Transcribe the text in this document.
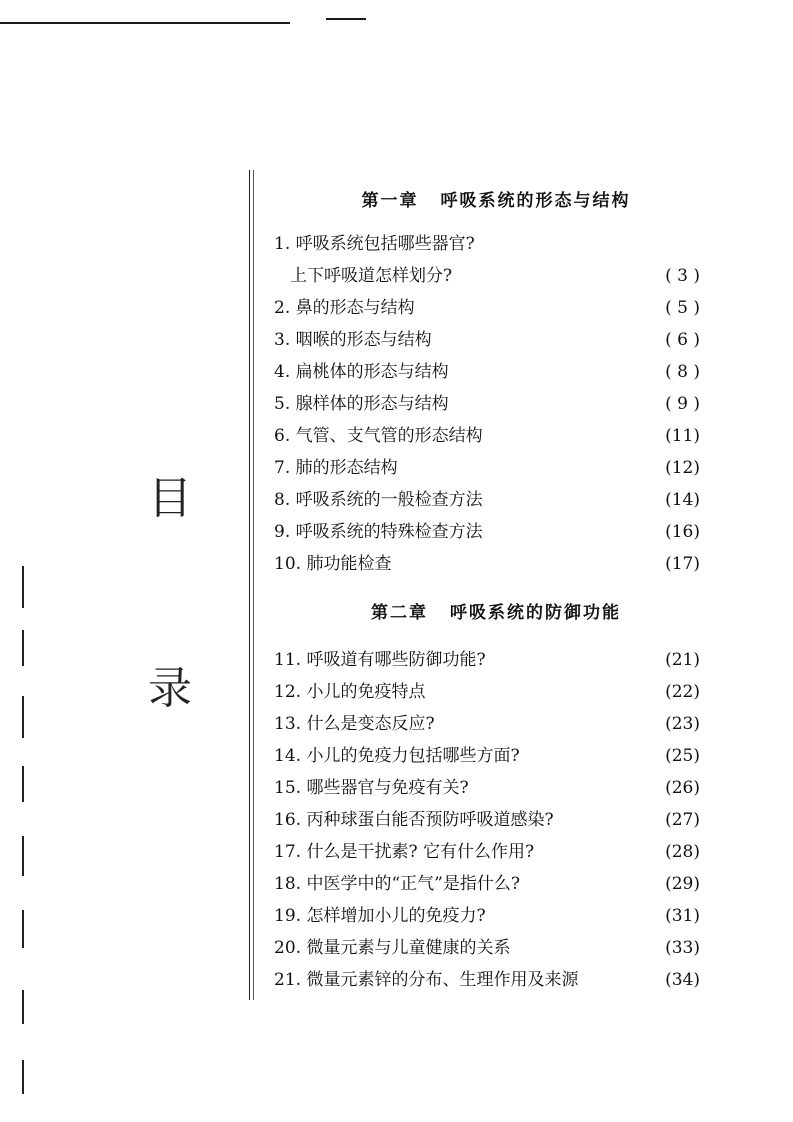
目
录
第一章 呼吸系统的形态与结构
1. 呼吸系统包括哪些器官?
上下呼吸道怎样划分?	( 3 )
2. 鼻的形态与结构	( 5 )
3. 咽喉的形态与结构	( 6 )
4. 扁桃体的形态与结构	( 8 )
5. 腺样体的形态与结构	( 9 )
6. 气管、支气管的形态结构	(11)
7. 肺的形态结构	(12)
8. 呼吸系统的一般检查方法	(14)
9. 呼吸系统的特殊检查方法	(16)
10. 肺功能检查	(17)
第二章 呼吸系统的防御功能
11. 呼吸道有哪些防御功能?	(21)
12. 小儿的免疫特点	(22)
13. 什么是变态反应?	(23)
14. 小儿的免疫力包括哪些方面?	(25)
15. 哪些器官与免疫有关?	(26)
16. 丙种球蛋白能否预防呼吸道感染?	(27)
17. 什么是干扰素? 它有什么作用?	(28)
18. 中医学中的“正气”是指什么?	(29)
19. 怎样增加小儿的免疫力?	(31)
20. 微量元素与儿童健康的关系	(33)
21. 微量元素锌的分布、生理作用及来源	(34)
